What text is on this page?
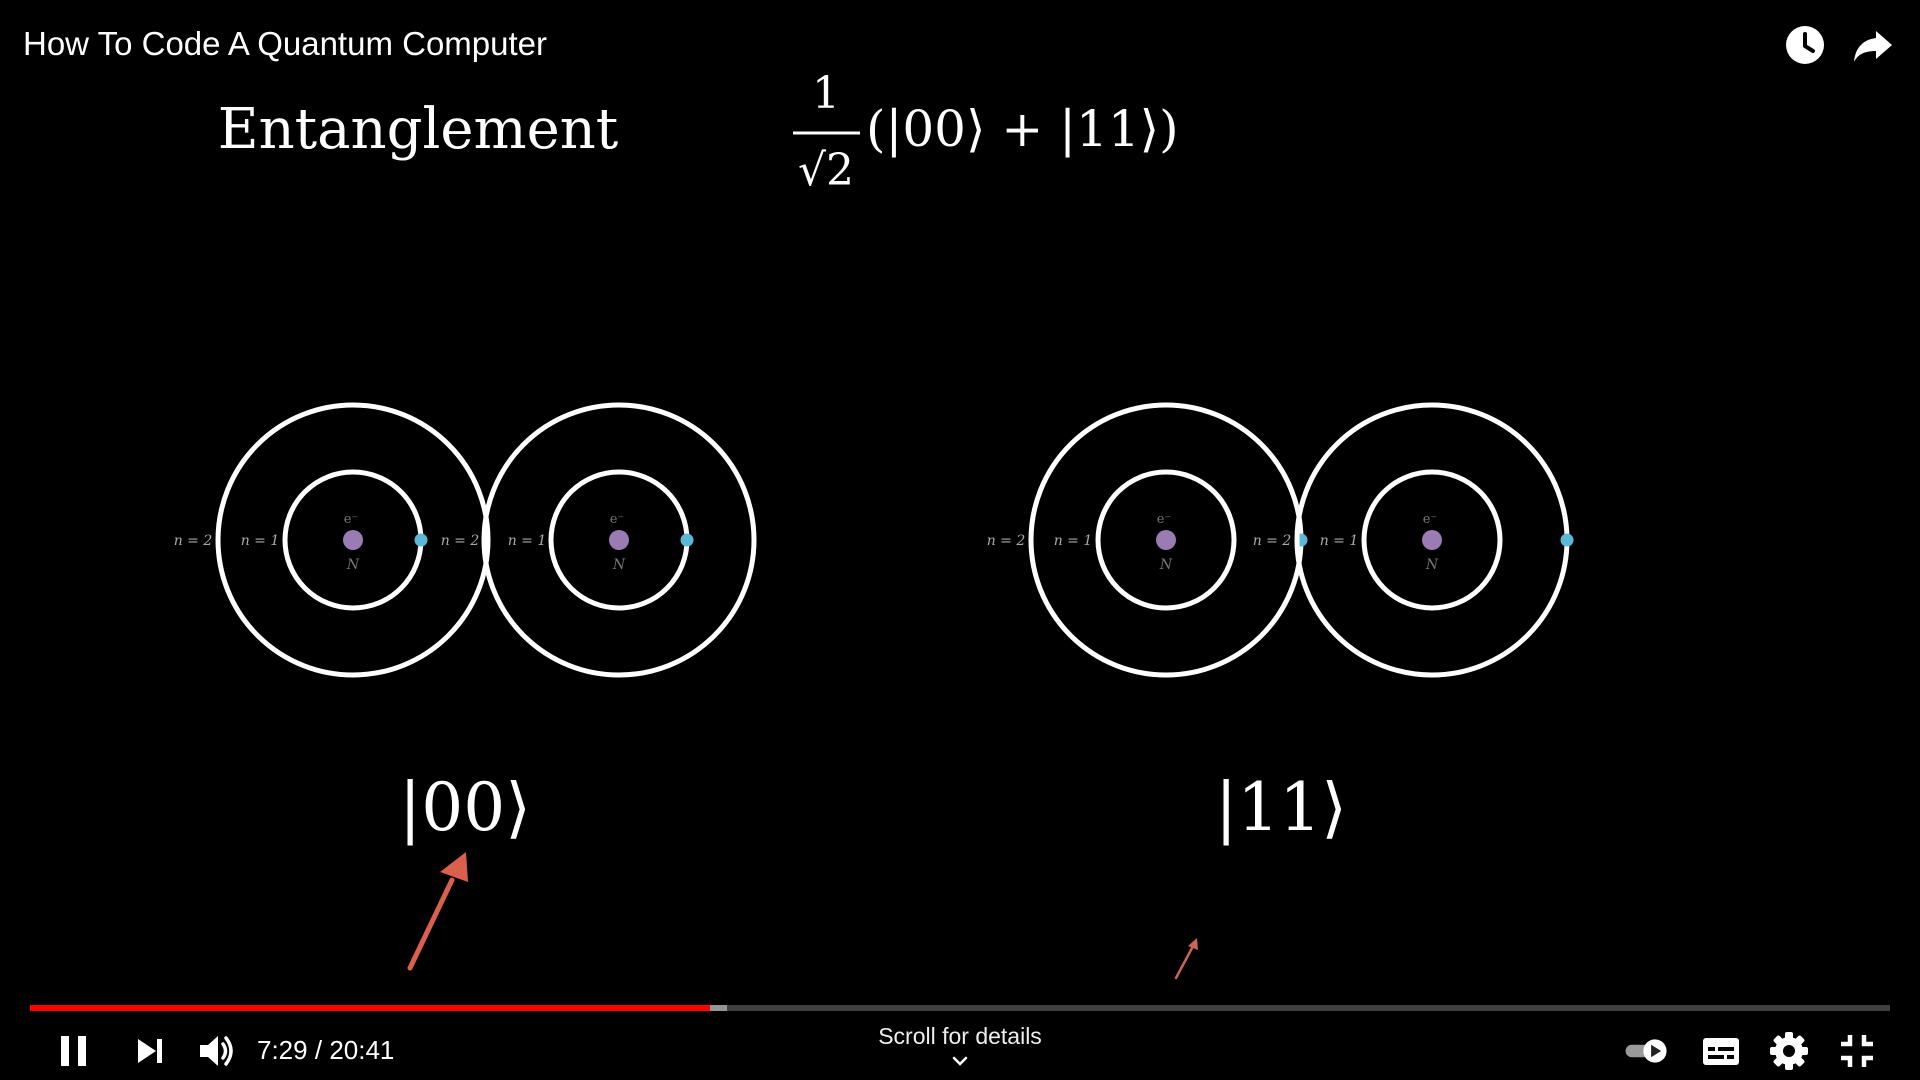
Entanglement
1
√2
(|00⟩ + |11⟩)
e⁻
N
n = 2 n = 1
e⁻
N
n = 2 n = 1
e⁻
N
n = 2 n = 1
e⁻
N
n = 2 n = 1
|00⟩	|11⟩
How To Code A Quantum Computer
7:29 / 20:41	Scroll for details
